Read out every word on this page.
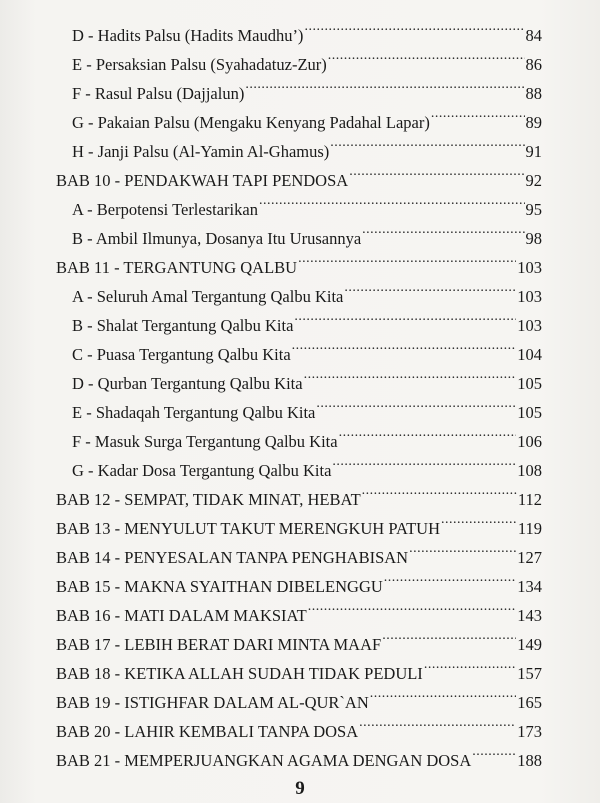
D - Hadits Palsu (Hadits Maudhu’) .....	84
E - Persaksian Palsu (Syahadatuz-Zur) .....	86
F - Rasul Palsu (Dajjalun) .....	88
G - Pakaian Palsu (Mengaku Kenyang Padahal Lapar) .....	89
H - Janji Palsu (Al-Yamin Al-Ghamus) .....	91
BAB 10 - PENDAKWAH TAPI PENDOSA .....	92
A - Berpotensi Terlestarikan .....	95
B - Ambil Ilmunya, Dosanya Itu Urusannya .....	98
BAB 11 - TERGANTUNG QALBU .....	103
A - Seluruh Amal Tergantung Qalbu Kita .....	103
B - Shalat Tergantung Qalbu Kita .....	103
C - Puasa Tergantung Qalbu Kita .....	104
D - Qurban Tergantung Qalbu Kita .....	105
E - Shadaqah Tergantung Qalbu Kita .....	105
F - Masuk Surga Tergantung Qalbu Kita .....	106
G - Kadar Dosa Tergantung Qalbu Kita .....	108
BAB 12 - SEMPAT, TIDAK MINAT, HEBAT .....	112
BAB 13 - MENYULUT TAKUT MERENGKUH PATUH .....	119
BAB 14 - PENYESALAN TANPA PENGHABISAN .....	127
BAB 15 - MAKNA SYAITHAN DIBELENGGU .....	134
BAB 16 - MATI DALAM MAKSIAT .....	143
BAB 17 - LEBIH BERAT DARI MINTA MAAF .....	149
BAB 18 - KETIKA ALLAH SUDAH TIDAK PEDULI .....	157
BAB 19 - ISTIGHFAR DALAM AL-QUR`AN .....	165
BAB 20 - LAHIR KEMBALI TANPA DOSA .....	173
BAB 21 - MEMPERJUANGKAN AGAMA DENGAN DOSA .....	188
9
